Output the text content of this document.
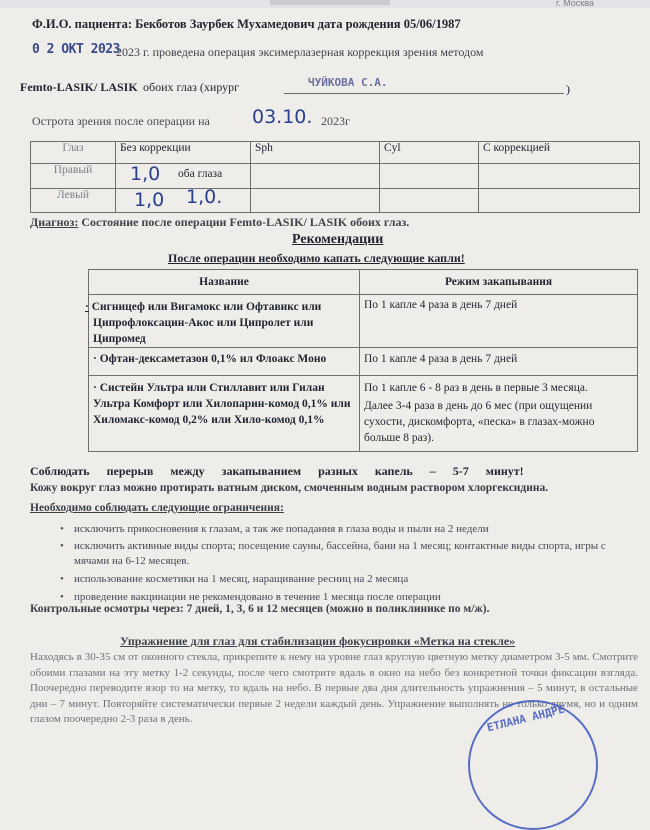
г. Москва
Ф.И.О. пациента: Бекботов Заурбек Мухамедович дата рождения 05/06/1987
0 2 ОКТ 2023
2023 г. проведена операция эксимерлазерная коррекция зрения методом
Femto-LASIK/ LASIK обоих глаз (хирург	ЧУЙКОВА С.А.	)
Острота зрения после операции на 03.10. 2023г
Глаз	Без коррекции	Sph	Cyl	С коррекцией
Правый	1,0 оба глаза			

Левый	1,0 1,0.			

Диагноз: Состояние после операции Femto-LASIK/ LASIK обоих глаз.
Рекомендации
После операции необходимо капать следующие капли!
Название	Режим закапывания
· Сигницеф или Вигамокс или Офтавикс или Ципрофлоксацин-Акос или Ципролет или Ципромед	По 1 капле 4 раза в день 7 дней
· Офтан-дексаметазон 0,1% ил Флоакс Моно	По 1 капле 4 раза в день 7 дней
· Систейн Ультра или Стиллавит или Гилан Ультра Комфорт или Хилопарин-комод 0,1% или Хиломакс-комод 0,2% или Хило-комод 0,1%	По 1 капле 6 - 8 раз в день в первые 3 месяца.
Далее 3-4 раза в день до 6 мес (при ощущении сухости, дискомфорта, «песка» в глазах-можно больше 8 раз).
Соблюдать перерыв между закапыванием разных капель – 5-7 минут!
Кожу вокруг глаз можно протирать ватным диском, смоченным водным раствором хлоргексидина.
Необходимо соблюдать следующие ограничения:
• исключить прикосновения к глазам, а так же попадания в глаза воды и пыли на 2 недели
• исключить активные виды спорта; посещение сауны, бассейна, бани на 1 месяц; контактные виды спорта, игры с мячами на 6-12 месяцев.
• использование косметики на 1 месяц, наращивание ресниц на 2 месяца
• проведение вакцинации не рекомендовано в течение 1 месяца после операции
Контрольные осмотры через: 7 дней, 1, 3, 6 и 12 месяцев (можно в поликлинике по м/ж).
Упражнение для глаз для стабилизации фокусировки «Метка на стекле»
Находясь в 30-35 см от оконного стекла, прикрепите к нему на уровне глаз круглую цветную метку диаметром 3-5 мм. Смотрите обоими глазами на эту метку 1-2 секунды, после чего смотрите вдаль в окно на небо без конкретной точки фиксации взгляда. Поочередно переводите взор то на метку, то вдаль на небо. В первые два дня длительность упражнения – 5 минут, в остальные дни – 7 минут. Повторяйте систематически первые 2 недели каждый день. Упражнение выполнять не только двумя, но и одним глазом поочередно 2-3 раза в день.	ЕТЛАНА АНДРЕ
